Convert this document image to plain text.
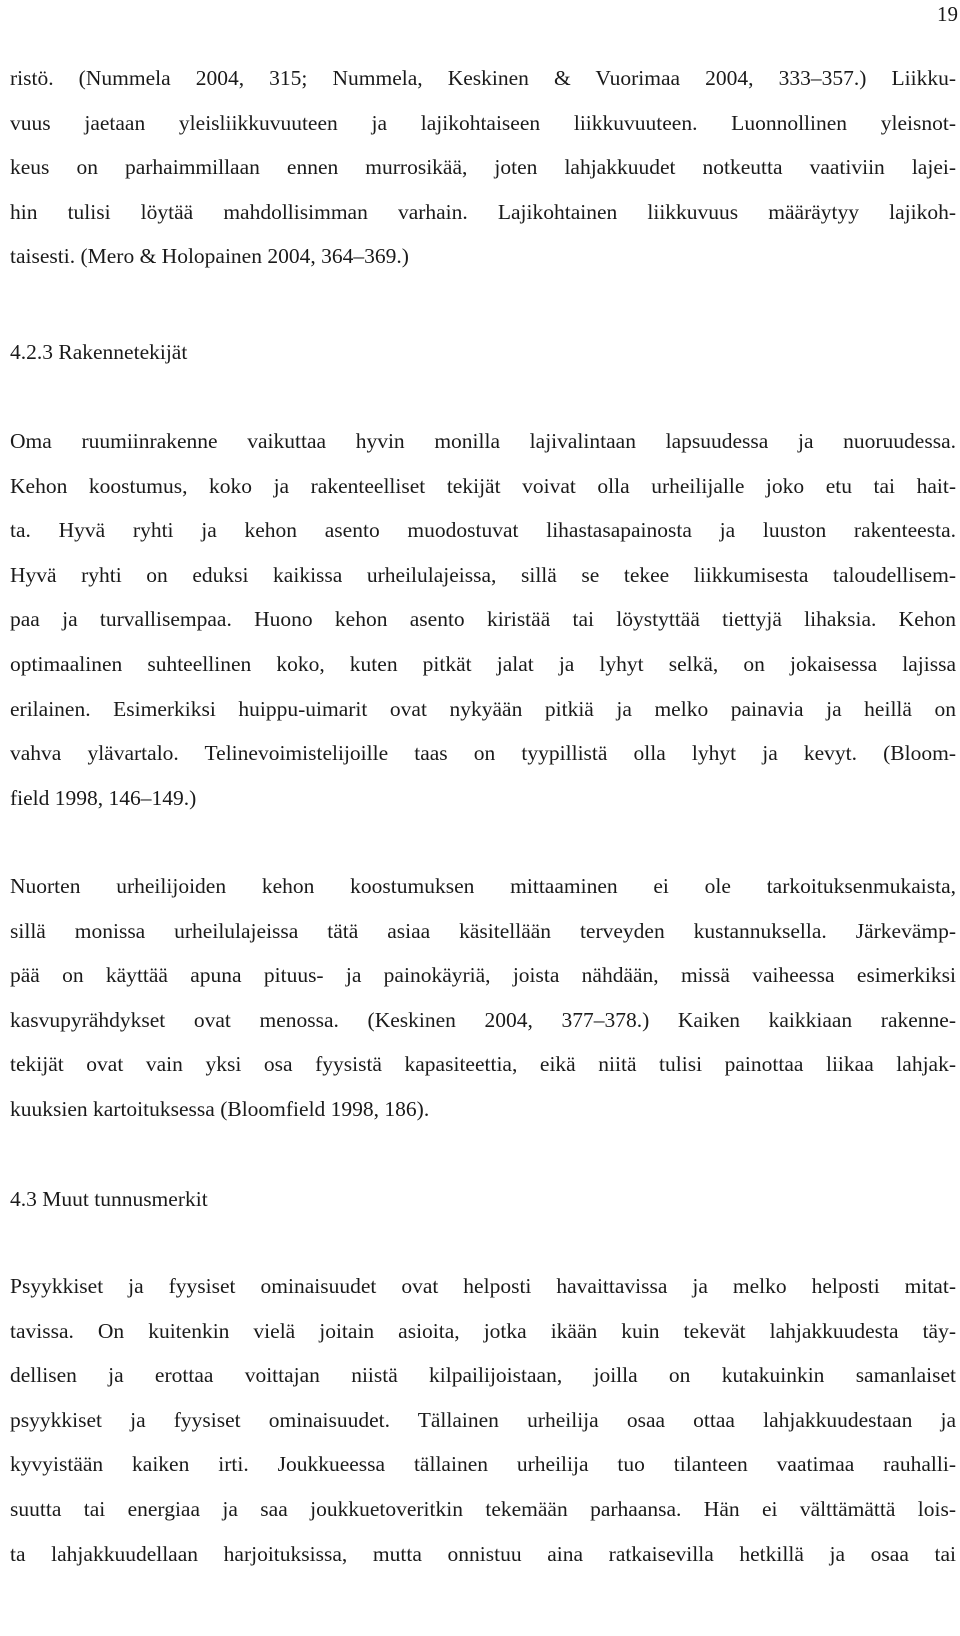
19
ristö. (Nummela 2004, 315; Nummela, Keskinen & Vuorimaa 2004, 333–357.) Liikku-
vuus jaetaan yleisliikkuvuuteen ja lajikohtaiseen liikkuvuuteen. Luonnollinen yleisnot-
keus on parhaimmillaan ennen murrosikää, joten lahjakkuudet notkeutta vaativiin lajei-
hin tulisi löytää mahdollisimman varhain. Lajikohtainen liikkuvuus määräytyy lajikoh-
taisesti. (Mero & Holopainen 2004, 364–369.)
4.2.3 Rakennetekijät
Oma ruumiinrakenne vaikuttaa hyvin monilla lajivalintaan lapsuudessa ja nuoruudessa.
Kehon koostumus, koko ja rakenteelliset tekijät voivat olla urheilijalle joko etu tai hait-
ta. Hyvä ryhti ja kehon asento muodostuvat lihastasapainosta ja luuston rakenteesta.
Hyvä ryhti on eduksi kaikissa urheilulajeissa, sillä se tekee liikkumisesta taloudellisem-
paa ja turvallisempaa. Huono kehon asento kiristää tai löystyttää tiettyjä lihaksia. Kehon
optimaalinen suhteellinen koko, kuten pitkät jalat ja lyhyt selkä, on jokaisessa lajissa
erilainen. Esimerkiksi huippu-uimarit ovat nykyään pitkiä ja melko painavia ja heillä on
vahva ylävartalo. Telinevoimistelijoille taas on tyypillistä olla lyhyt ja kevyt. (Bloom-
field 1998, 146–149.)
Nuorten urheilijoiden kehon koostumuksen mittaaminen ei ole tarkoituksenmukaista,
sillä monissa urheilulajeissa tätä asiaa käsitellään terveyden kustannuksella. Järkevämp-
pää on käyttää apuna pituus- ja painokäyriä, joista nähdään, missä vaiheessa esimerkiksi
kasvupyrähdykset ovat menossa. (Keskinen 2004, 377–378.) Kaiken kaikkiaan rakenne-
tekijät ovat vain yksi osa fyysistä kapasiteettia, eikä niitä tulisi painottaa liikaa lahjak-
kuuksien kartoituksessa (Bloomfield 1998, 186).
4.3 Muut tunnusmerkit
Psyykkiset ja fyysiset ominaisuudet ovat helposti havaittavissa ja melko helposti mitat-
tavissa. On kuitenkin vielä joitain asioita, jotka ikään kuin tekevät lahjakkuudesta täy-
dellisen ja erottaa voittajan niistä kilpailijoistaan, joilla on kutakuinkin samanlaiset
psyykkiset ja fyysiset ominaisuudet. Tällainen urheilija osaa ottaa lahjakkuudestaan ja
kyvyistään kaiken irti. Joukkueessa tällainen urheilija tuo tilanteen vaatimaa rauhalli-
suutta tai energiaa ja saa joukkuetoveritkin tekemään parhaansa. Hän ei välttämättä lois-
ta lahjakkuudellaan harjoituksissa, mutta onnistuu aina ratkaisevilla hetkillä ja osaa tai
